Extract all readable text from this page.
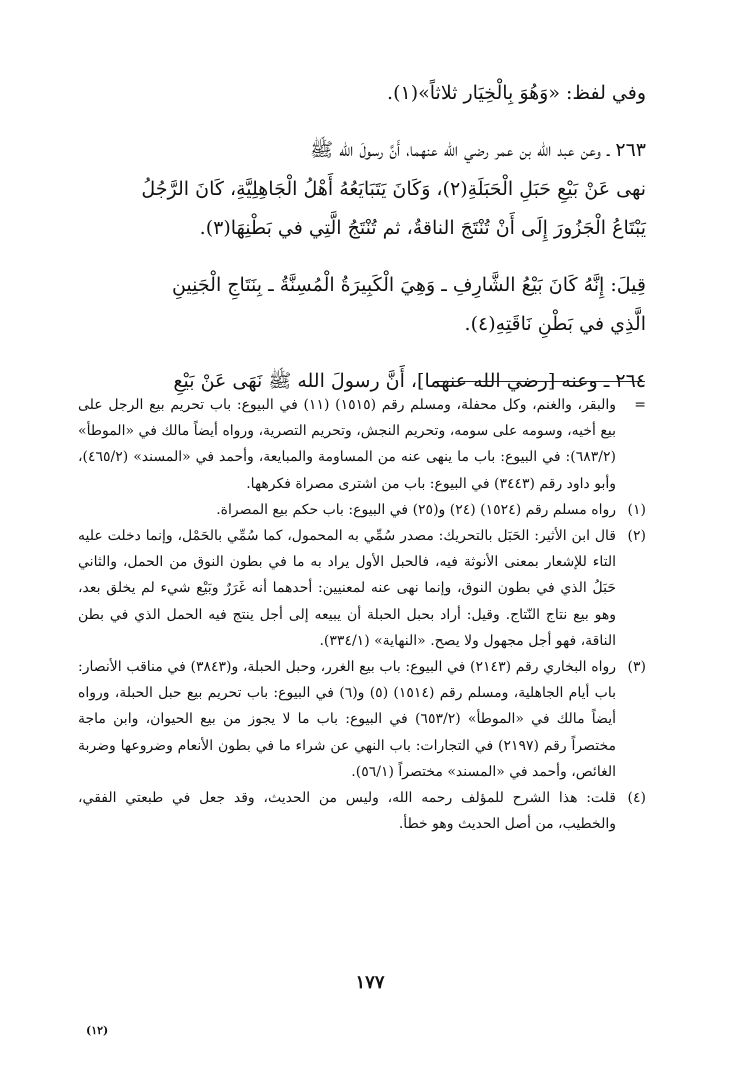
وفي لفظ: «وَهُوَ بِالْخِيَار ثلاثاً»(١).

٢٦٣ ـ وعن عبد الله بن عمر رضي الله عنهما، أَنَّ رسولَ الله ﷺ

نهى عَنْ بَيْعِ حَبَلِ الْحَبَلَةِ(٢)، وَكَانَ يَتَبَايَعُهُ أَهْلُ الْجَاهِلِيَّةِ، كَانَ الرَّجُلُ

يَبْتَاعُ الْجَزُورَ إِلَى أَنْ تُنْتَجَ الناقةُ، ثم تُنْتَجُ الَّتِي في بَطْنِهَا(٣).

قِيلَ: إِنَّهُ كَانَ بَيْعُ الشَّارِفِ ـ وَهِيَ الْكَبِيرَةُ الْمُسِنَّةُ ـ بِنَتَاجِ الْجَنِينِ

الَّذِي في بَطْنِ نَاقَتِهِ(٤).

٢٦٤ ـ وعنه [رضي الله عنهما]، أَنَّ رسولَ الله ﷺ نَهَى عَنْ بَيْعِ

=

والبقر، والغنم، وكل محفلة، ومسلم رقم (١٥١٥) (١١) في البيوع: باب تحريم بيع الرجل على بيع أخيه، وسومه على سومه، وتحريم النجش، وتحريم التصرية، ورواه أيضاً مالك في «الموطأ» (٦٨٣/٢): في البيوع: باب ما ينهى عنه من المساومة والمبايعة، وأحمد في «المسند» (٤٦٥/٢)، وأبو داود رقم (٣٤٤٣) في البيوع: باب من اشترى مصراة فكرهها.

(١)

رواه مسلم رقم (١٥٢٤) (٢٤) و(٢٥) في البيوع: باب حكم بيع المصراة.

(٢)

قال ابن الأثير: الحَبَل بالتحريك: مصدر سُمِّي به المحمول، كما سُمِّي بالحَمْل، وإنما دخلت عليه التاء للإشعار بمعنى الأنوثة فيه، فالحبل الأول يراد به ما في بطون النوق من الحمل، والثاني حَبَلُ الذي في بطون النوق، وإنما نهى عنه لمعنيين: أحدهما أنه غَرَرٌ وبَيْع شيء لم يخلق بعد، وهو بيع نتاج النّتاج. وقيل: أراد بحبل الحبلة أن يبيعه إلى أجل ينتج فيه الحمل الذي في بطن الناقة، فهو أجل مجهول ولا يصح. «النهاية» (٣٣٤/١).

(٣)

رواه البخاري رقم (٢١٤٣) في البيوع: باب بيع الغرر، وحبل الحبلة، و(٣٨٤٣) في مناقب الأنصار: باب أيام الجاهلية، ومسلم رقم (١٥١٤) (٥) و(٦) في البيوع: باب تحريم بيع حبل الحبلة، ورواه أيضاً مالك في «الموطأ» (٦٥٣/٢) في البيوع: باب ما لا يجوز من بيع الحيوان، وابن ماجة مختصراً رقم (٢١٩٧) في التجارات: باب النهي عن شراء ما في بطون الأنعام وضروعها وضربة الغائص، وأحمد في «المسند» مختصراً (٥٦/١).

(٤)

قلت: هذا الشرح للمؤلف رحمه الله، وليس من الحديث، وقد جعل في طبعتي الفقي، والخطيب، من أصل الحديث وهو خطأ.

١٧٧
(١٢)
